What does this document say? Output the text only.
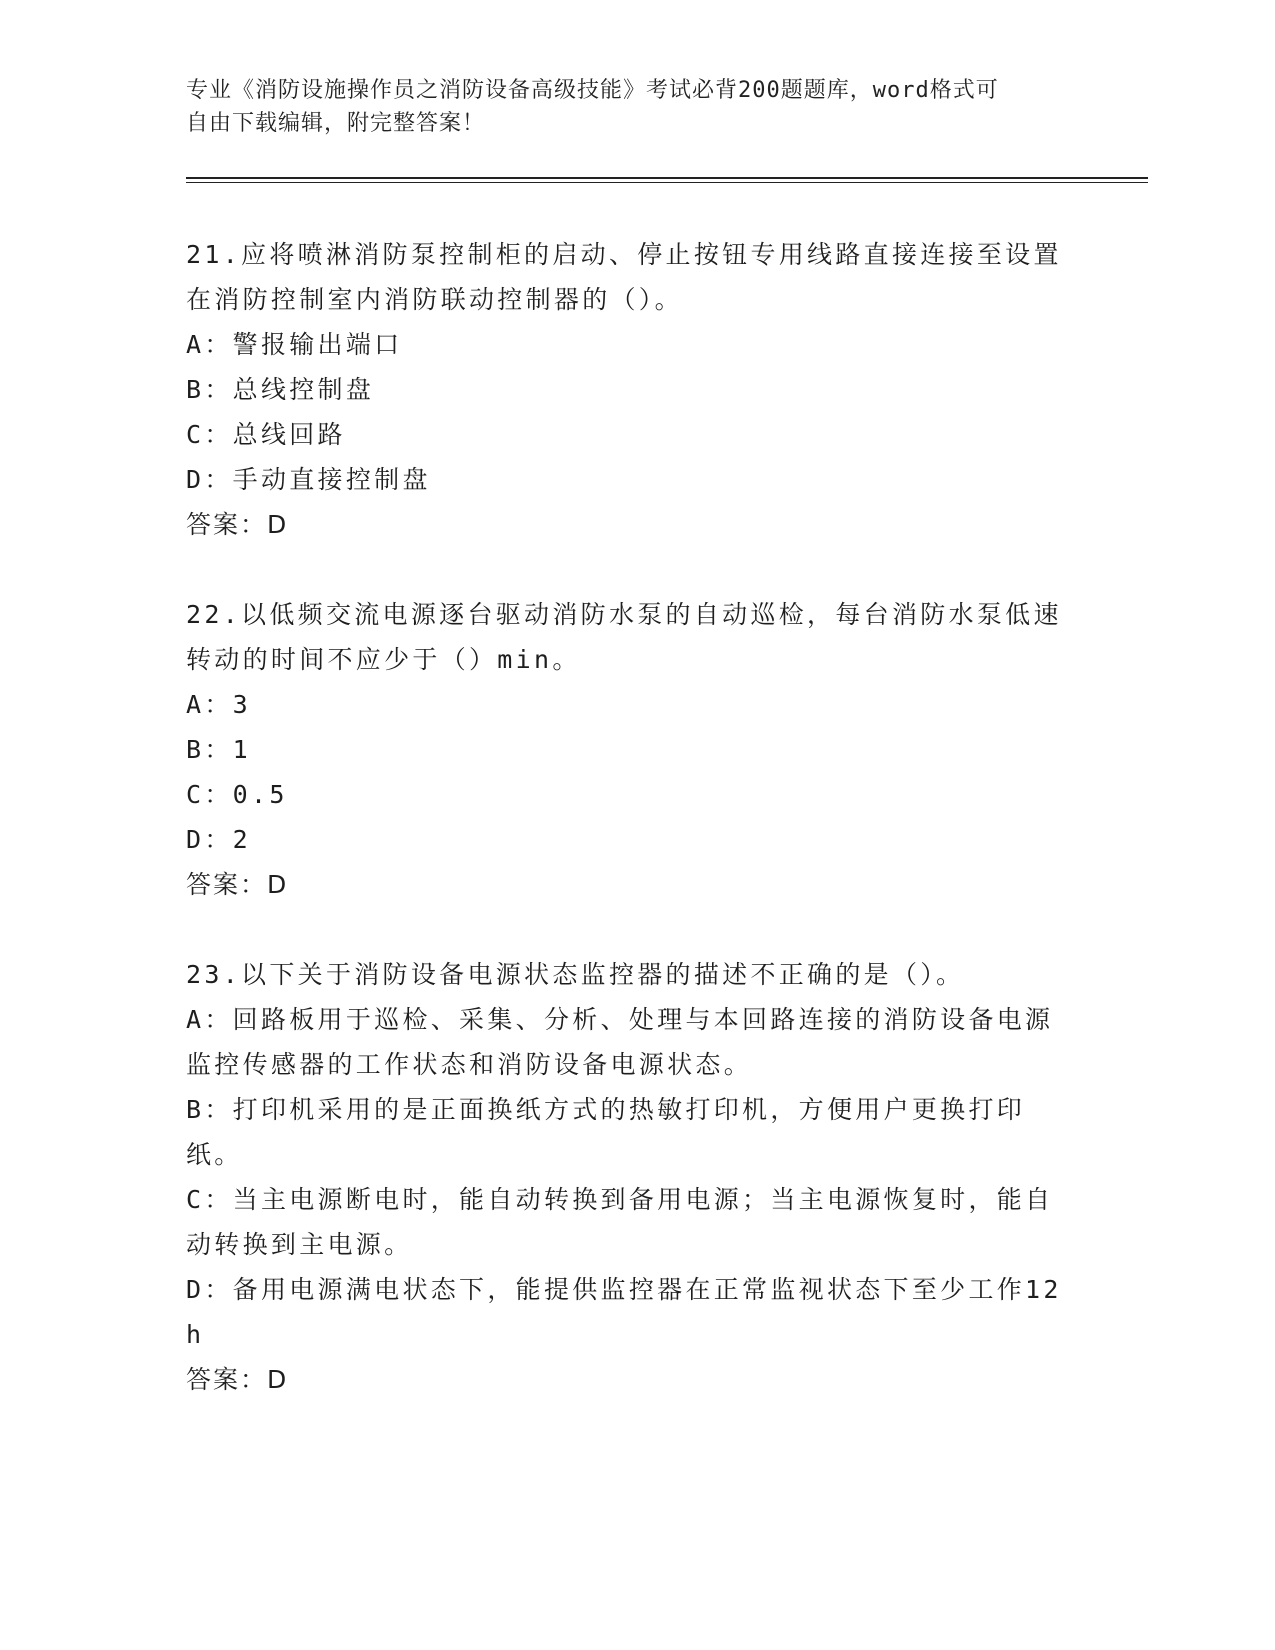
专业《消防设施操作员之消防设备高级技能》考试必背200题题库，word格式可
自由下载编辑，附完整答案！

21.应将喷淋消防泵控制柜的启动、停止按钮专用线路直接连接至设置在消防控制室内消防联动控制器的（）。

A：警报输出端口

B：总线控制盘

C：总线回路

D：手动直接控制盘

答案：D

22.以低频交流电源逐台驱动消防水泵的自动巡检，每台消防水泵低速转动的时间不应少于（）min。

A：3

B：1

C：0.5

D：2

答案：D

23.以下关于消防设备电源状态监控器的描述不正确的是（）。

A：回路板用于巡检、采集、分析、处理与本回路连接的消防设备电源监控传感器的工作状态和消防设备电源状态。

B：打印机采用的是正面换纸方式的热敏打印机，方便用户更换打印纸。

C：当主电源断电时，能自动转换到备用电源；当主电源恢复时，能自动转换到主电源。

D：备用电源满电状态下，能提供监控器在正常监视状态下至少工作12h

答案：D
